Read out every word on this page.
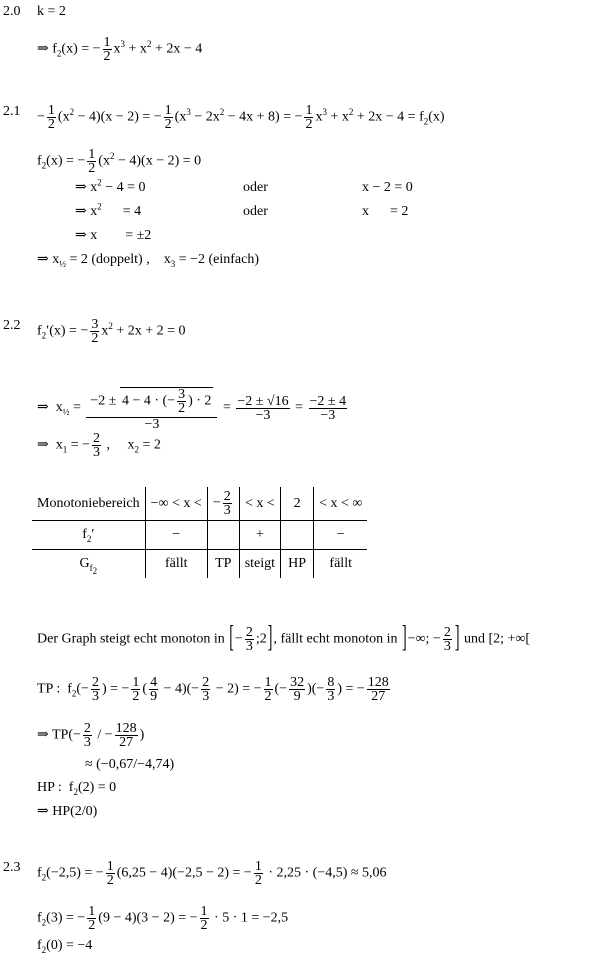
2.0 k = 2
⇒ $f_2(x)$ = − $\frac{1}{2} x^3 + x^2 + 2x - 4$
$2.1 - \frac{1}{2} (x^2 - 4)(x - 2)$ = − $\frac{1}{2} (x^3 - 2x^2 - 4x + 8)$ = − $\frac{1}{2} x^3 + x^2 + 2x - 4 = f_2(x)$
$f_2(x)$ = − $\frac{1}{2} (x^2 - 4)(x - 2) = 0$
⇒ $x^2 - 4 = 0$	oder	x − 2 = 0
⇒ $x^2$      = 4	oder	x      = 2
⇒ x        = ±2
⇒ $x_{\frac{1}{2}} = 2$ (doppelt) ,    $x_3 = -2$ (einfach)
2.2 $f_2'(x)$ = − $\frac{3}{2} x^2 + 2x + 2 = 0$
⇒  $x_{\frac{1}{2}} = \frac{-2 \pm 4 - 4 \cdot (- \frac{3}{2} ) \cdot 2}{-3} = \frac{-2 \pm √16}{-3} = \frac{-2 \pm 4}{-3}$
⇒  $x_1$ = − $\frac{2}{3}$ ,     $x_2 = 2$
Monotoniebereich	−∞ < x <	− $\frac{2}{3}$	< x <	2	< x < ∞
$f_2'$	−		+		−
$G_{f_2}$	fällt	TP	steigt	HP	fällt
Der Graph steigt echt monoton in [− $\frac{2}{3}$ ;2], fällt echt monoton in ]−∞; − $\frac{2}{3}$ ] und [2; +∞[
TP :  $f_2(- \frac{2}{3}$ ) = − $\frac{1}{2}$ ( $\frac{4}{9} - 4)(- \frac{2}{3} - 2)$ = − $\frac{1}{2}$ (− $\frac{32}{9}$ )(− $\frac{8}{3}$ ) = − $\frac{128}{27}$
⇒ $TP(- \frac{2}{3}$ / − $\frac{128}{27}$ )
≈ (−0,67/−4,74)
HP :  $f_2(2) = 0$
⇒ HP(2/0)
2.3 $f_2(-2,5)$ = − $\frac{1}{2} (6,25 - 4)(-2,5 - 2)$ = − $\frac{1}{2} \cdot 2,25 \cdot (-4,5) \approx 5,06$
$f_2(3)$ = − $\frac{1}{2} (9 - 4)(3 - 2)$ = − $\frac{1}{2} \cdot 5 \cdot 1 = -2,5$
$f_2(0) = -4$
